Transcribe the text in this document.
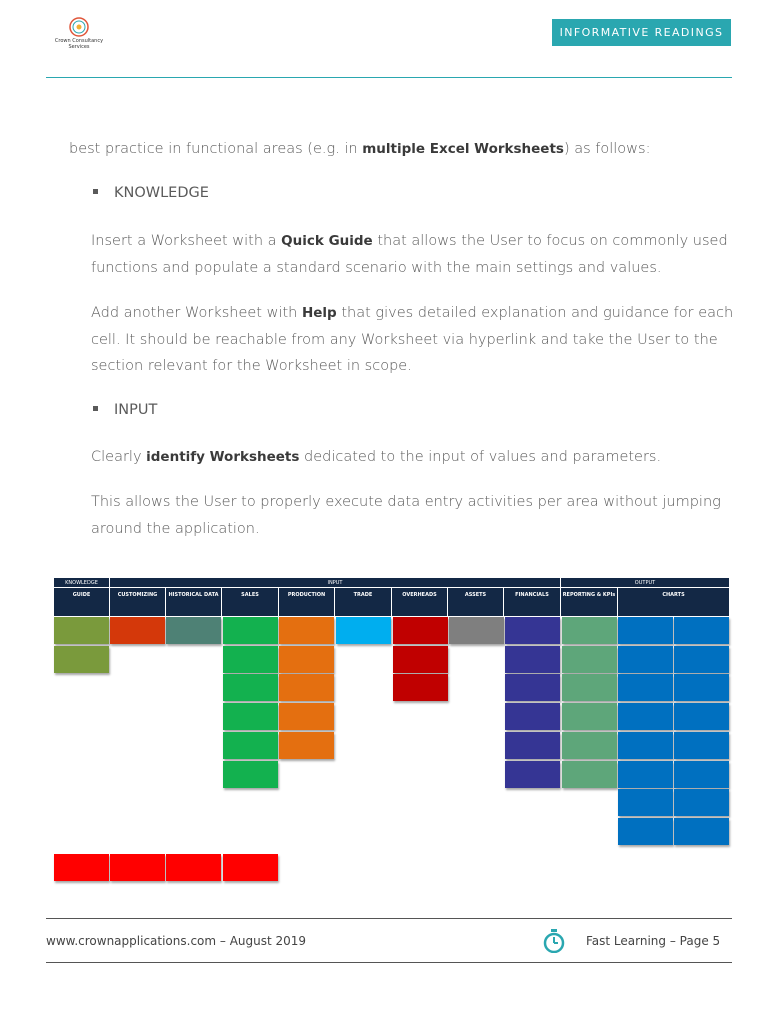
Crown Consultancy
Services
INFORMATIVE READINGS
best practice in functional areas (e.g. in multiple Excel Worksheets) as follows:
KNOWLEDGE
Insert a Worksheet with a Quick Guide that allows the User to focus on commonly used functions and populate a standard scenario with the main settings and values.
Add another Worksheet with Help that gives detailed explanation and guidance for each cell. It should be reachable from any Worksheet via hyperlink and take the User to the section relevant for the Worksheet in scope.
INPUT
Clearly identify Worksheets dedicated to the input of values and parameters.
This allows the User to properly execute data entry activities per area without jumping around the application.
KNOWLEDGE	INPUT	OUTPUT
GUIDE	CUSTOMIZING	HISTORICAL DATA	SALES	PRODUCTION	TRADE	OVERHEADS	ASSETS	FINANCIALS	REPORTING & KPIs	CHARTS
www.crownapplications.com – August 2019	Fast Learning – Page 5
